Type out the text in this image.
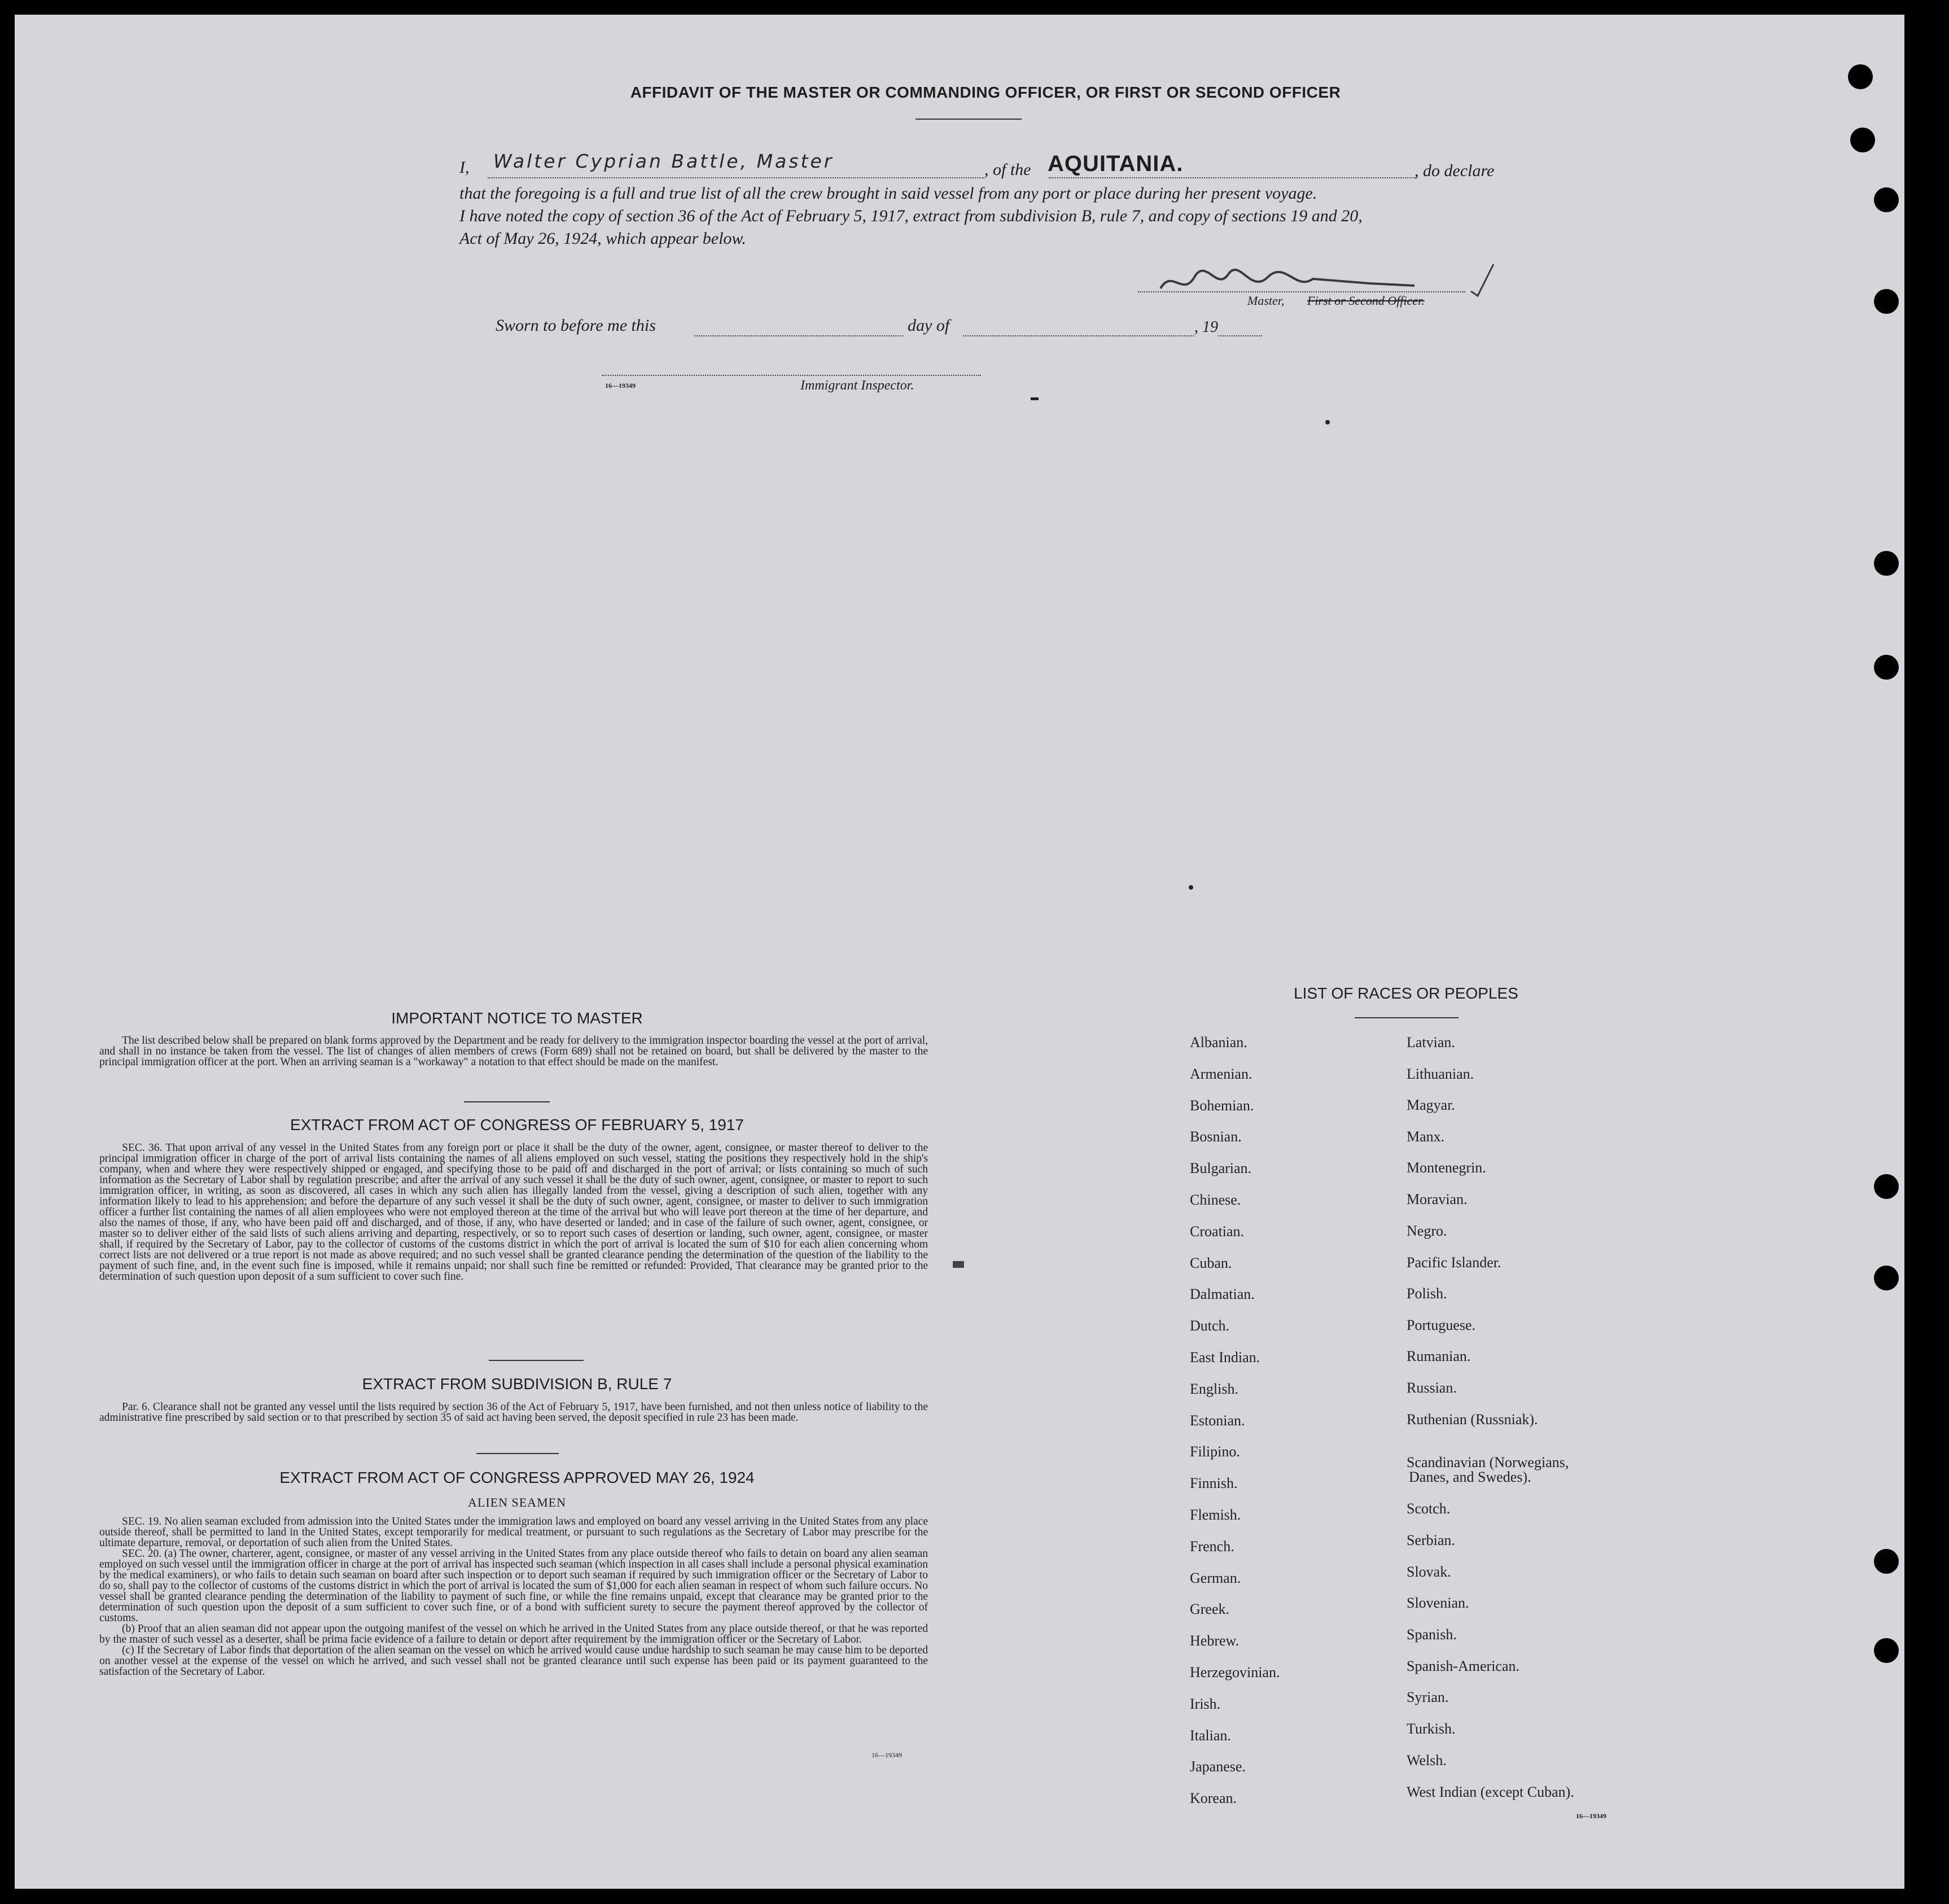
AFFIDAVIT OF THE MASTER OR COMMANDING OFFICER, OR FIRST OR SECOND OFFICER
I, Walter Cyprian Battle, Master	, of the AQUITANIA.	, do declare
that the foregoing is a full and true list of all the crew brought in said vessel from any port or place during her present voyage.
I have noted the copy of section 36 of the Act of February 5, 1917, extract from subdivision B, rule 7, and copy of sections 19 and 20,
Act of May 26, 1924, which appear below.
Master, First or Second Officer.
Sworn to before me this	day of	, 19
16—19349	Immigrant Inspector.
IMPORTANT NOTICE TO MASTER

The list described below shall be prepared on blank forms approved by the Department and be ready for delivery to the immigration inspector boarding the vessel at the port of arrival, and shall in no instance be taken from the vessel. The list of changes of alien members of crews (Form 689) shall not be retained on board, but shall be delivered by the master to the principal immigration officer at the port. When an arriving seaman is a "workaway" a notation to that effect should be made on the manifest.

EXTRACT FROM ACT OF CONGRESS OF FEBRUARY 5, 1917

SEC. 36. That upon arrival of any vessel in the United States from any foreign port or place it shall be the duty of the owner, agent, consignee, or master thereof to deliver to the principal immigration officer in charge of the port of arrival lists containing the names of all aliens employed on such vessel, stating the positions they respectively hold in the ship's company, when and where they were respectively shipped or engaged, and specifying those to be paid off and discharged in the port of arrival; or lists containing so much of such information as the Secretary of Labor shall by regulation prescribe; and after the arrival of any such vessel it shall be the duty of such owner, agent, consignee, or master to report to such immigration officer, in writing, as soon as discovered, all cases in which any such alien has illegally landed from the vessel, giving a description of such alien, together with any information likely to lead to his apprehension; and before the departure of any such vessel it shall be the duty of such owner, agent, consignee, or master to deliver to such immigration officer a further list containing the names of all alien employees who were not employed thereon at the time of the arrival but who will leave port thereon at the time of her departure, and also the names of those, if any, who have been paid off and discharged, and of those, if any, who have deserted or landed; and in case of the failure of such owner, agent, consignee, or master so to deliver either of the said lists of such aliens arriving and departing, respectively, or so to report such cases of desertion or landing, such owner, agent, consignee, or master shall, if required by the Secretary of Labor, pay to the collector of customs of the customs district in which the port of arrival is located the sum of $10 for each alien concerning whom correct lists are not delivered or a true report is not made as above required; and no such vessel shall be granted clearance pending the determination of the question of the liability to the payment of such fine, and, in the event such fine is imposed, while it remains unpaid; nor shall such fine be remitted or refunded: Provided, That clearance may be granted prior to the determination of such question upon deposit of a sum sufficient to cover such fine.

EXTRACT FROM SUBDIVISION B, RULE 7

Par. 6. Clearance shall not be granted any vessel until the lists required by section 36 of the Act of February 5, 1917, have been furnished, and not then unless notice of liability to the administrative fine prescribed by said section or to that prescribed by section 35 of said act having been served, the deposit specified in rule 23 has been made.

EXTRACT FROM ACT OF CONGRESS APPROVED MAY 26, 1924
ALIEN SEAMEN

SEC. 19. No alien seaman excluded from admission into the United States under the immigration laws and employed on board any vessel arriving in the United States from any place outside thereof, shall be permitted to land in the United States, except temporarily for medical treatment, or pursuant to such regulations as the Secretary of Labor may prescribe for the ultimate departure, removal, or deportation of such alien from the United States.

SEC. 20. (a) The owner, charterer, agent, consignee, or master of any vessel arriving in the United States from any place outside thereof who fails to detain on board any alien seaman employed on such vessel until the immigration officer in charge at the port of arrival has inspected such seaman (which inspection in all cases shall include a personal physical examination by the medical examiners), or who fails to detain such seaman on board after such inspection or to deport such seaman if required by such immigration officer or the Secretary of Labor to do so, shall pay to the collector of customs of the customs district in which the port of arrival is located the sum of $1,000 for each alien seaman in respect of whom such failure occurs. No vessel shall be granted clearance pending the determination of the liability to payment of such fine, or while the fine remains unpaid, except that clearance may be granted prior to the determination of such question upon the deposit of a sum sufficient to cover such fine, or of a bond with sufficient surety to secure the payment thereof approved by the collector of customs.

(b) Proof that an alien seaman did not appear upon the outgoing manifest of the vessel on which he arrived in the United States from any place outside thereof, or that he was reported by the master of such vessel as a deserter, shall be prima facie evidence of a failure to detain or deport after requirement by the immigration officer or the Secretary of Labor.

(c) If the Secretary of Labor finds that deportation of the alien seaman on the vessel on which he arrived would cause undue hardship to such seaman he may cause him to be deported on another vessel at the expense of the vessel on which he arrived, and such vessel shall not be granted clearance until such expense has been paid or its payment guaranteed to the satisfaction of the Secretary of Labor.

16—19349
LIST OF RACES OR PEOPLES
Albanian.
Armenian.
Bohemian.
Bosnian.
Bulgarian.
Chinese.
Croatian.
Cuban.
Dalmatian.
Dutch.
East Indian.
English.
Estonian.
Filipino.
Finnish.
Flemish.
French.
German.
Greek.
Hebrew.
Herzegovinian.
Irish.
Italian.
Japanese.
Korean.
Latvian.
Lithuanian.
Magyar.
Manx.
Montenegrin.
Moravian.
Negro.
Pacific Islander.
Polish.
Portuguese.
Rumanian.
Russian.
Ruthenian (Russniak).
Scandinavian (Norwegians,
Scotch.
Serbian.
Slovak.
Slovenian.
Spanish.
Spanish-American.
Syrian.
Turkish.
Welsh.
West Indian (except Cuban).
Danes, and Swedes).
16—19349
